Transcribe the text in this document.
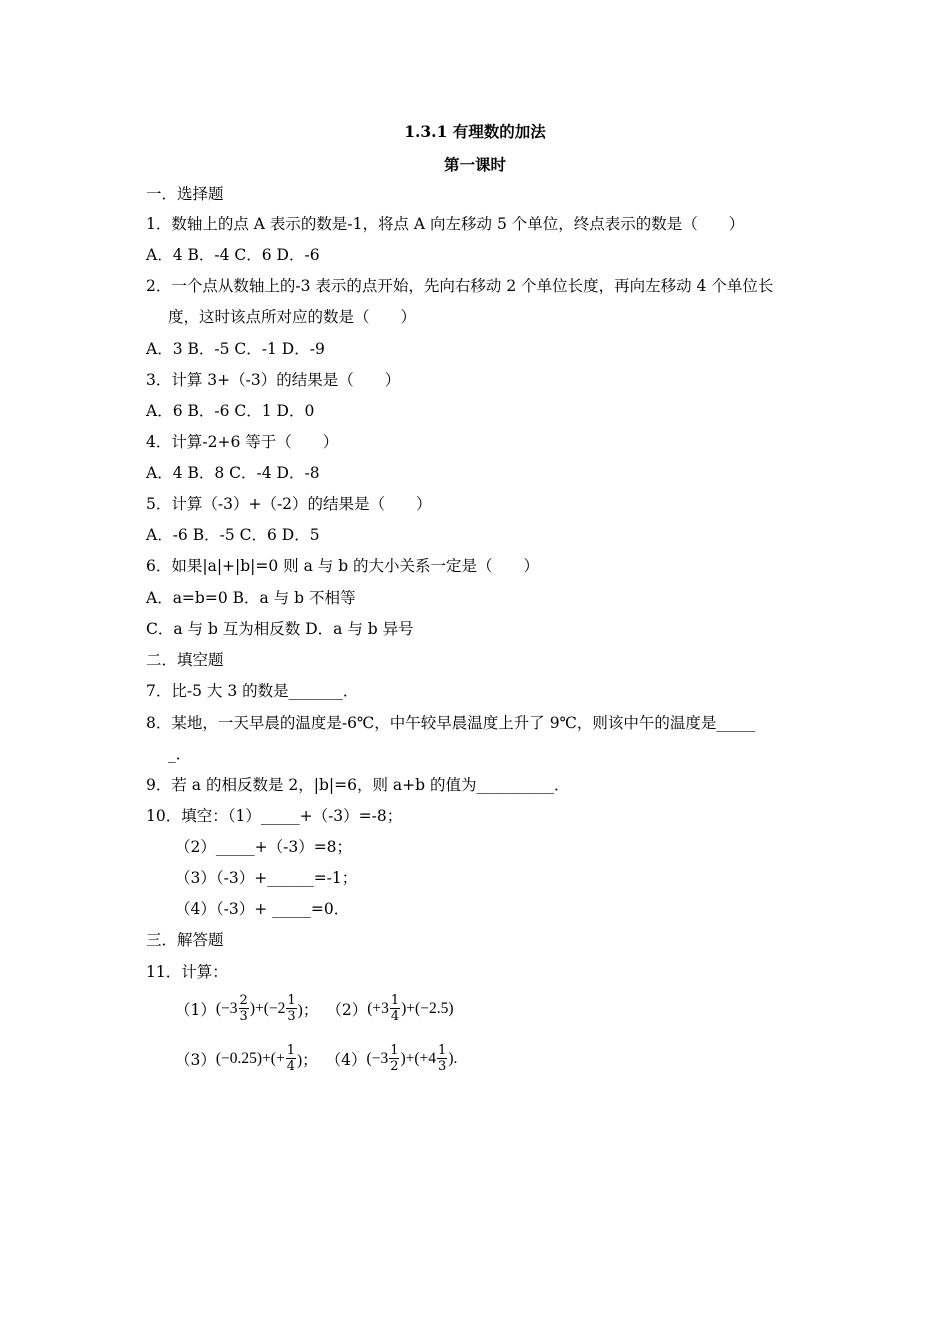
1.3.1 有理数的加法
第一课时
一．选择题
1．数轴上的点 A 表示的数是-1，将点 A 向左移动 5 个单位，终点表示的数是（　　）
A．4 B．-4 C．6 D．-6
2．一个点从数轴上的-3 表示的点开始，先向右移动 2 个单位长度，再向左移动 4 个单位长
度，这时该点所对应的数是（　　）
A．3 B．-5 C．-1 D．-9
3．计算 3+（-3）的结果是（　　）
A．6 B．-6 C．1 D．0
4．计算-2+6 等于（　　）
A．4 B．8 C．-4 D．-8
5．计算（-3）+（-2）的结果是（　　）
A．-6 B．-5 C．6 D．5
6．如果|a|+|b|=0 则 a 与 b 的大小关系一定是（　　）
A．a=b=0 B．a 与 b 不相等
C．a 与 b 互为相反数 D．a 与 b 异号
二．填空题
7．比-5 大 3 的数是_______．
8．某地，一天早晨的温度是-6℃，中午较早晨温度上升了 9℃，则该中午的温度是_____
_．
9．若 a 的相反数是 2，|b|=6，则 a+b 的值为__________．
10．填空：（1）_____+（-3）=-8；
（2）_____+（-3）=8；
（3）（-3）+______=-1；
（4）（-3）+ _____=0．
三．解答题
11．计算：
（1） $(-3 \frac{2}{3} )+(-2 \frac{1}{3}$ )； （2） $(+3 \frac{1}{4} )+(-2.5)$
（3） $(-0.25)+(+ \frac{1}{4}$ )； （4） $(-3 \frac{1}{2} )+(+4 \frac{1}{3}$ ).
